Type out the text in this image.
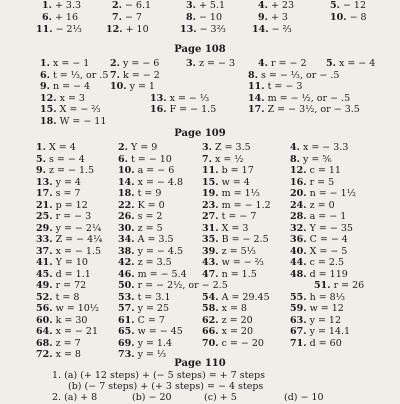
1. + 3.3	2. − 6.1	3. + 5.1	4. + 23	5. − 12
6. + 16	7. − 7	8. − 10	9. + 3	10. − 8
11. − 2⅓	12. + 10	13. − 3⅔	14. − ⅔
Page 108
1. x = − 1 2. y = − 6	3. z = − 3 4. r = − 2 5. x = − 4
6. t = ⅓, or .5 7. k = − 2	8. s = − ⅓, or − .5
9. n = − 4 10. y = 1	11. t = − 3
12. x = 3	13. x = − ⅓	14. m = − ½, or − .5
15. X = − ⅔	16. F = − 1.5	17. Z = − 3½, or − 3.5
18. W = − 11
Page 109
1. X = 4	2. Y = 9	3. Z = 3.5	4. x = − 3.3
5. s = − 4	6. t = − 10	7. x = ½	8. y = ⅚
9. z = − 1.5	10. a = − 6	11. b = 17	12. c = 11
13. y = 4	14. x = − 4.8 15. w = 4	16. r = 5
17. s = 7	18. t = 9	19. m = 1⅓	20. n = − 1½
21. p = 12	22. K = 0	23. m = − 1.2 24. z = 0
25. r = − 3	26. s = 2	27. t = − 7	28. a = − 1
29. y = − 2¼ 30. z = 5	31. X = 3	32. Y = − 35
33. Z = − 4¼ 34. A = 3.5	35. B = − 2.5 36. C = − 4
37. x = − 1.5 38. y = − 4.5 39. z = 5⅓	40. X = − 5
41. Y = 10	42. z = 3.5	43. w = − ⅔	44. c = 2.5
45. d = 1.1	46. m = − 5.4 47. n = 1.5	48. d = 119
49. r = 72	50. r = − 2½, or − 2.5	51. r = 26
52. t = 8	53. t = 3.1	54. A = 29.45 55. h = 8⅓
56. w = 10½ 57. y = 25	58. x = 8	59. w = 12
60. k = 30	61. C = 7	62. z = 20	63. y = 12
64. x = − 21 65. w = − 45 66. x = 20	67. y = 14.1
68. z = 7	69. y = 1.4	70. c = − 20	71. d = 60
72. x = 8	73. y = ⅓
Page 110
1. (a) (+ 12 steps) + (− 5 steps) = + 7 steps
(b) (− 7 steps) + (+ 3 steps) = − 4 steps
2. (a) + 8	(b) − 20	(c) + 5	(d) − 10
